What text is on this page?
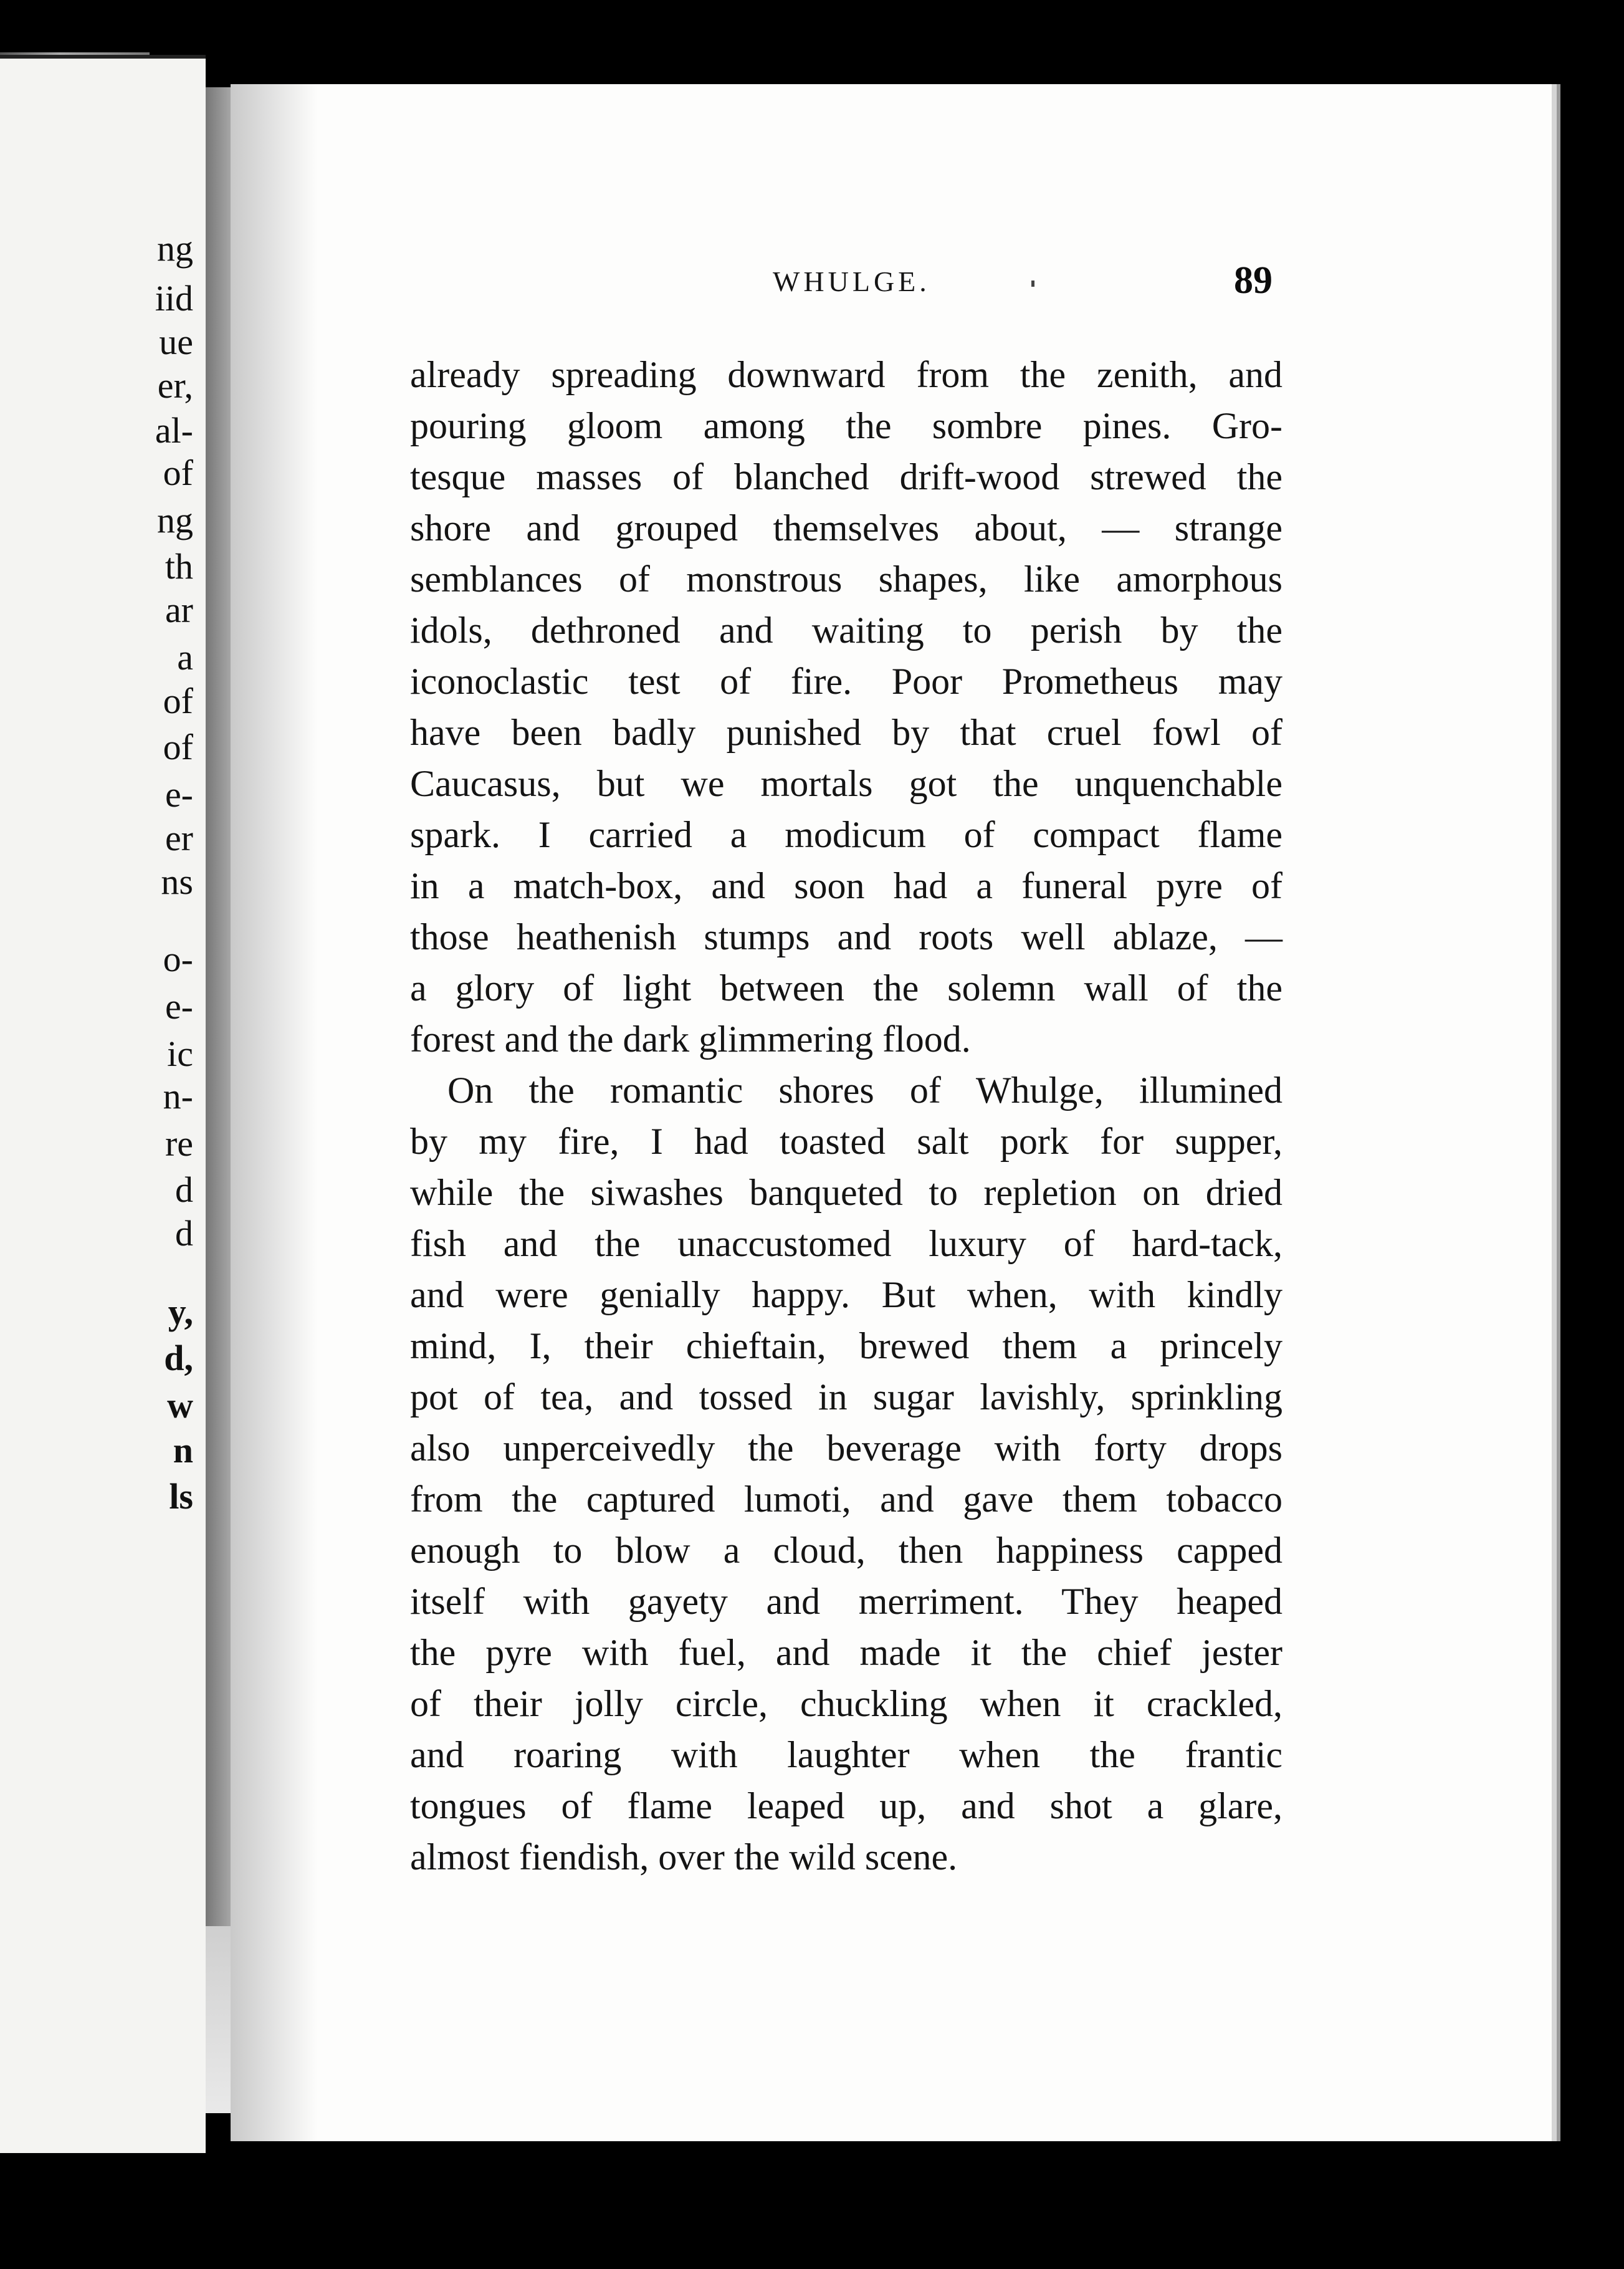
ng
iid
ue
er,
al-
of
ng
th
ar
a
of
of
e-
er
ns
o-
e-
ic
n-
re
d
d
y,
d,
w
n
ls
WHULGE.	89
already spreading downward from the zenith, and
pouring gloom among the sombre pines. Gro-
tesque masses of blanched drift-wood strewed the
shore and grouped themselves about, — strange
semblances of monstrous shapes, like amorphous
idols, dethroned and waiting to perish by the
iconoclastic test of fire. Poor Prometheus may
have been badly punished by that cruel fowl of
Caucasus, but we mortals got the unquenchable
spark. I carried a modicum of compact flame
in a match-box, and soon had a funeral pyre of
those heathenish stumps and roots well ablaze, —
a glory of light between the solemn wall of the
forest and the dark glimmering flood.
On the romantic shores of Whulge, illumined
by my fire, I had toasted salt pork for supper,
while the siwashes banqueted to repletion on dried
fish and the unaccustomed luxury of hard-tack,
and were genially happy. But when, with kindly
mind, I, their chieftain, brewed them a princely
pot of tea, and tossed in sugar lavishly, sprinkling
also unperceivedly the beverage with forty drops
from the captured lumoti, and gave them tobacco
enough to blow a cloud, then happiness capped
itself with gayety and merriment. They heaped
the pyre with fuel, and made it the chief jester
of their jolly circle, chuckling when it crackled,
and roaring with laughter when the frantic
tongues of flame leaped up, and shot a glare,
almost fiendish, over the wild scene.
